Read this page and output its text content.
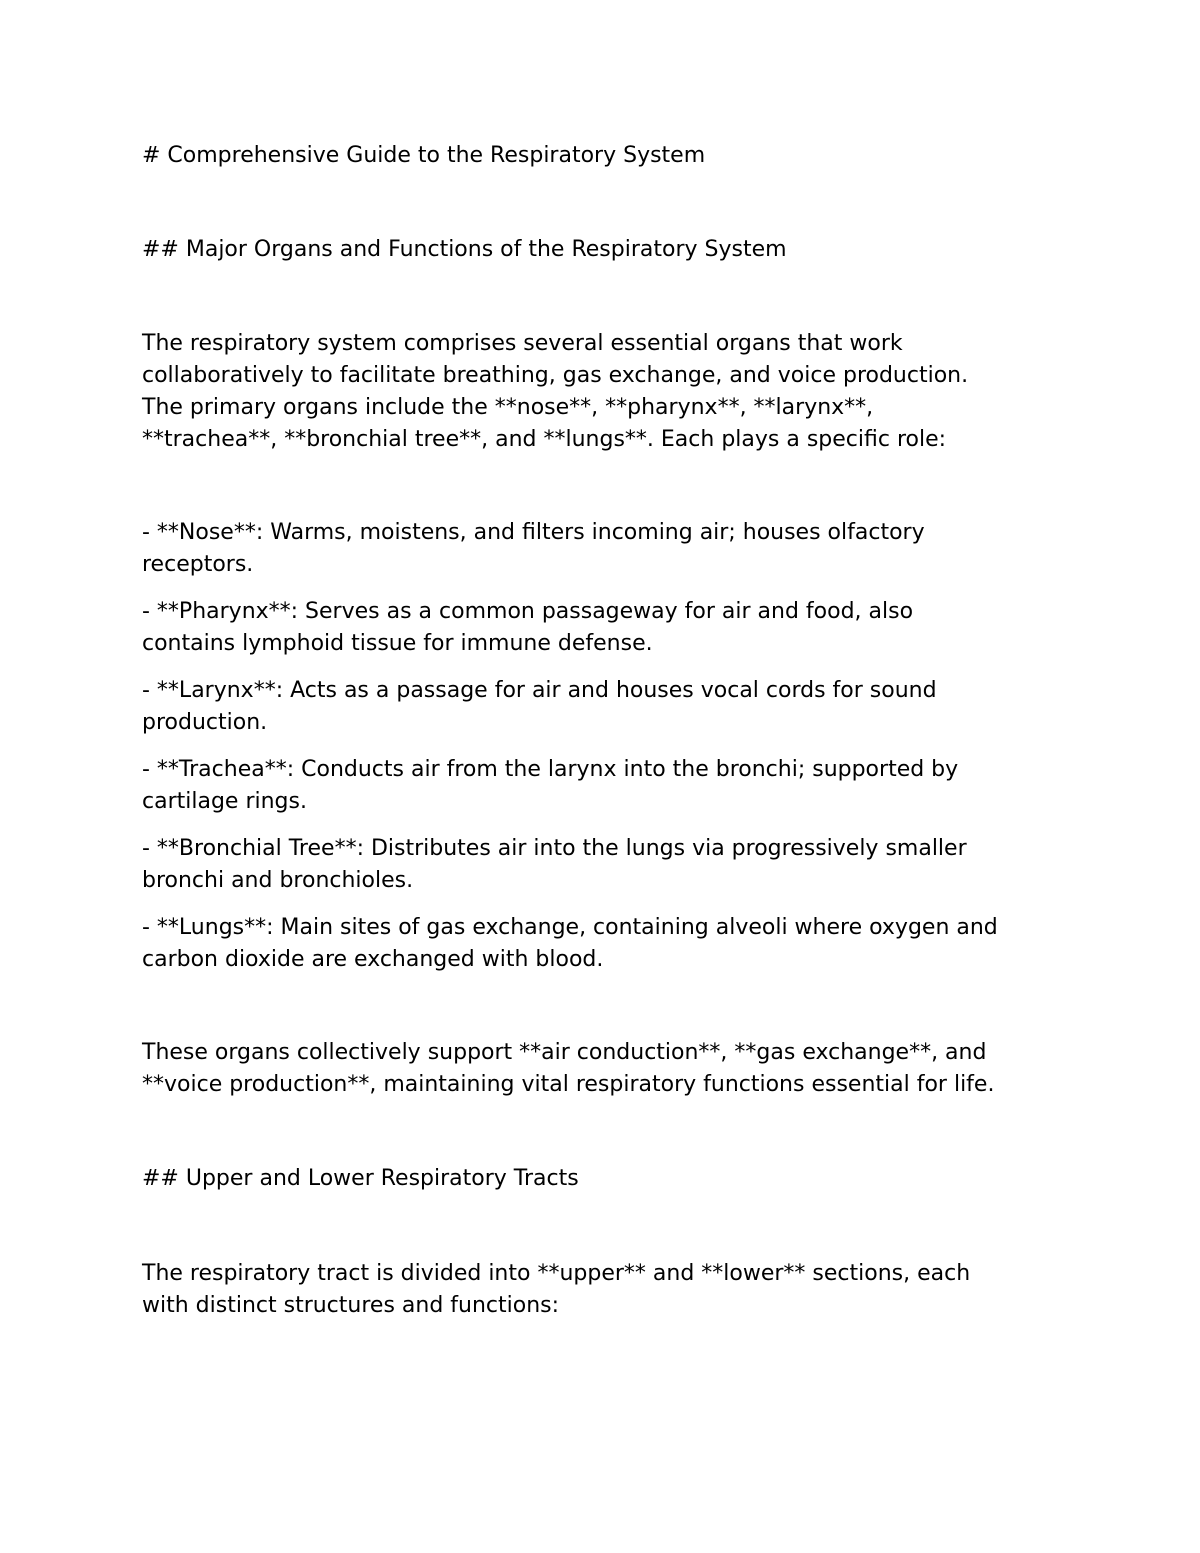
# Comprehensive Guide to the Respiratory System
## Major Organs and Functions of the Respiratory System
The respiratory system comprises several essential organs that work
collaboratively to facilitate breathing, gas exchange, and voice production.
The primary organs include the **nose**, **pharynx**, **larynx**,
**trachea**, **bronchial tree**, and **lungs**. Each plays a specific role:
- **Nose**: Warms, moistens, and filters incoming air; houses olfactory
receptors.
- **Pharynx**: Serves as a common passageway for air and food, also
contains lymphoid tissue for immune defense.
- **Larynx**: Acts as a passage for air and houses vocal cords for sound
production.
- **Trachea**: Conducts air from the larynx into the bronchi; supported by
cartilage rings.
- **Bronchial Tree**: Distributes air into the lungs via progressively smaller
bronchi and bronchioles.
- **Lungs**: Main sites of gas exchange, containing alveoli where oxygen and
carbon dioxide are exchanged with blood.
These organs collectively support **air conduction**, **gas exchange**, and
**voice production**, maintaining vital respiratory functions essential for life.
## Upper and Lower Respiratory Tracts
The respiratory tract is divided into **upper** and **lower** sections, each
with distinct structures and functions:
